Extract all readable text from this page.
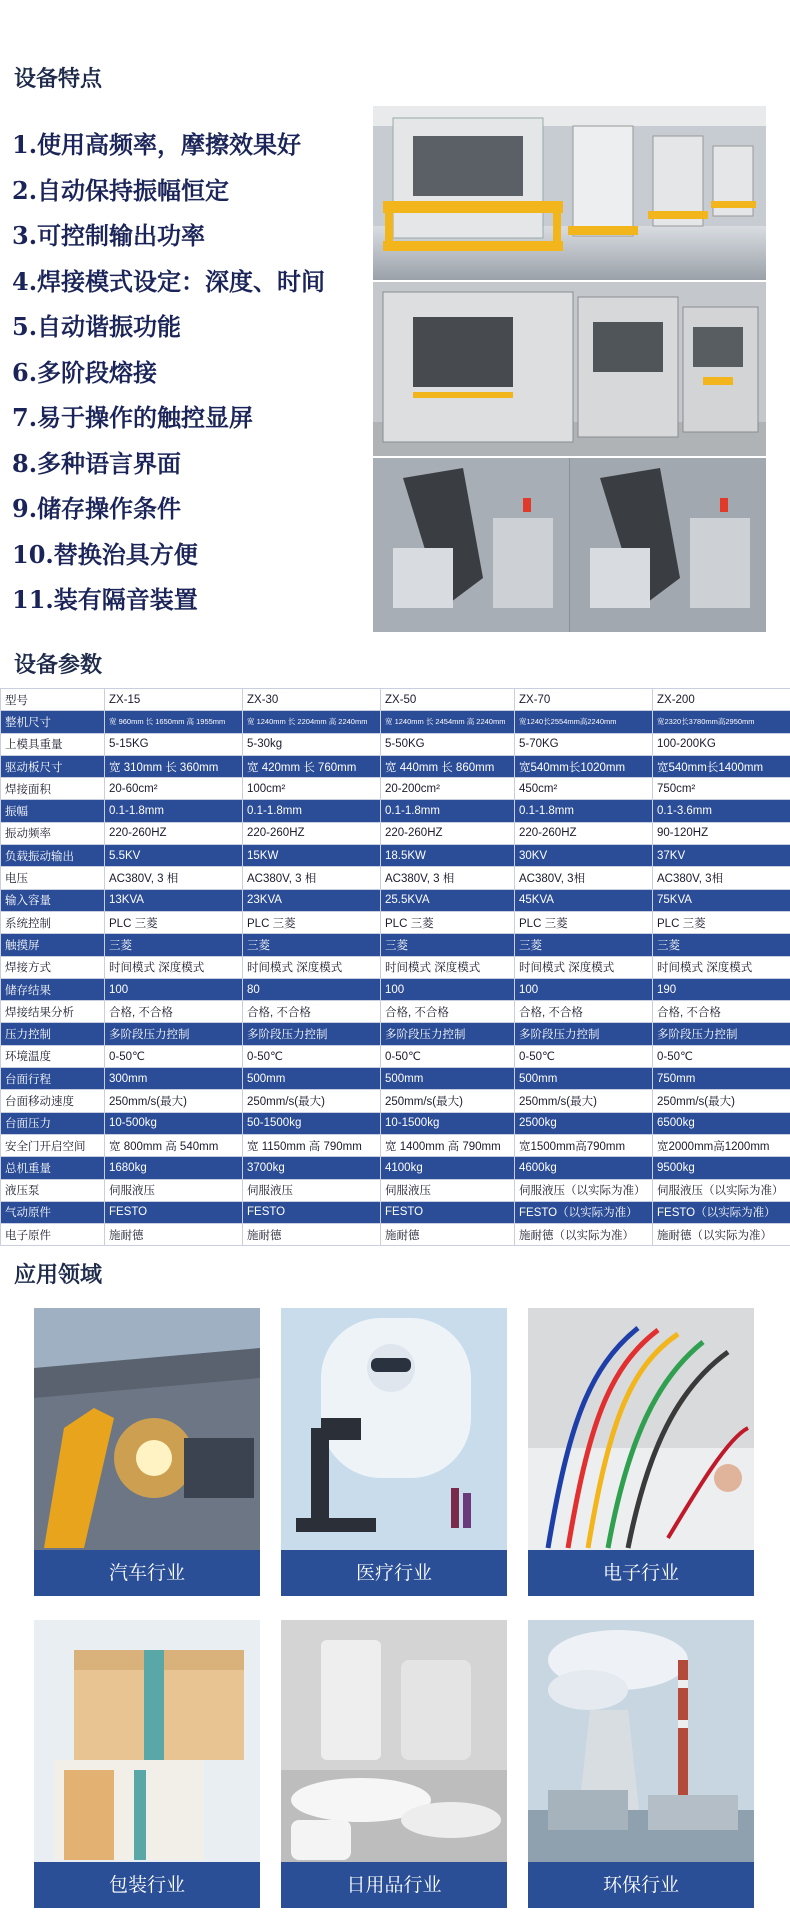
设备特点
1.使用高频率，摩擦效果好
2.自动保持振幅恒定
3.可控制输出功率
4.焊接模式设定：深度、时间
5.自动谐振功能
6.多阶段熔接
7.易于操作的触控显屏
8.多种语言界面
9.储存操作条件
10.替换治具方便
11.装有隔音装置
设备参数
型号	ZX-15	ZX-30	ZX-50	ZX-70	ZX-200
整机尺寸	宽 960mm 长 1650mm 高 1955mm	宽 1240mm 长 2204mm 高 2240mm	宽 1240mm 长 2454mm 高 2240mm	宽1240长2554mm高2240mm	宽2320长3780mm高2950mm
上模具重量	5-15KG	5-30kg	5-50KG	5-70KG	100-200KG
驱动板尺寸	宽 310mm 长 360mm	宽 420mm 长 760mm	宽 440mm 长 860mm	宽540mm长1020mm	宽540mm长1400mm
焊接面积	20-60cm²	100cm²	20-200cm²	450cm²	750cm²
振幅	0.1-1.8mm	0.1-1.8mm	0.1-1.8mm	0.1-1.8mm	0.1-3.6mm
振动频率	220-260HZ	220-260HZ	220-260HZ	220-260HZ	90-120HZ
负载振动输出	5.5KV	15KW	18.5KW	30KV	37KV
电压	AC380V, 3 相	AC380V, 3 相	AC380V, 3 相	AC380V, 3相	AC380V, 3相
输入容量	13KVA	23KVA	25.5KVA	45KVA	75KVA
系统控制	PLC 三菱	PLC 三菱	PLC 三菱	PLC 三菱	PLC 三菱
触摸屏	三菱	三菱	三菱	三菱	三菱
焊接方式	时间模式 深度模式	时间模式 深度模式	时间模式 深度模式	时间模式 深度模式	时间模式 深度模式
储存结果	100	80	100	100	190
焊接结果分析	合格, 不合格	合格, 不合格	合格, 不合格	合格, 不合格	合格, 不合格
压力控制	多阶段压力控制	多阶段压力控制	多阶段压力控制	多阶段压力控制	多阶段压力控制
环境温度	0-50℃	0-50℃	0-50℃	0-50℃	0-50℃
台面行程	300mm	500mm	500mm	500mm	750mm
台面移动速度	250mm/s(最大)	250mm/s(最大)	250mm/s(最大)	250mm/s(最大)	250mm/s(最大)
台面压力	10-500kg	50-1500kg	10-1500kg	2500kg	6500kg
安全门开启空间	宽 800mm 高 540mm	宽 1150mm 高 790mm	宽 1400mm 高 790mm	宽1500mm高790mm	宽2000mm高1200mm
总机重量	1680kg	3700kg	4100kg	4600kg	9500kg
液压泵	伺服液压	伺服液压	伺服液压	伺服液压（以实际为准）	伺服液压（以实际为准）
气动原件	FESTO	FESTO	FESTO	FESTO（以实际为准）	FESTO（以实际为准）
电子原件	施耐德	施耐德	施耐德	施耐德（以实际为准）	施耐德（以实际为准）
应用领域
汽车行业	医疗行业	电子行业
包装行业	日用品行业	环保行业
